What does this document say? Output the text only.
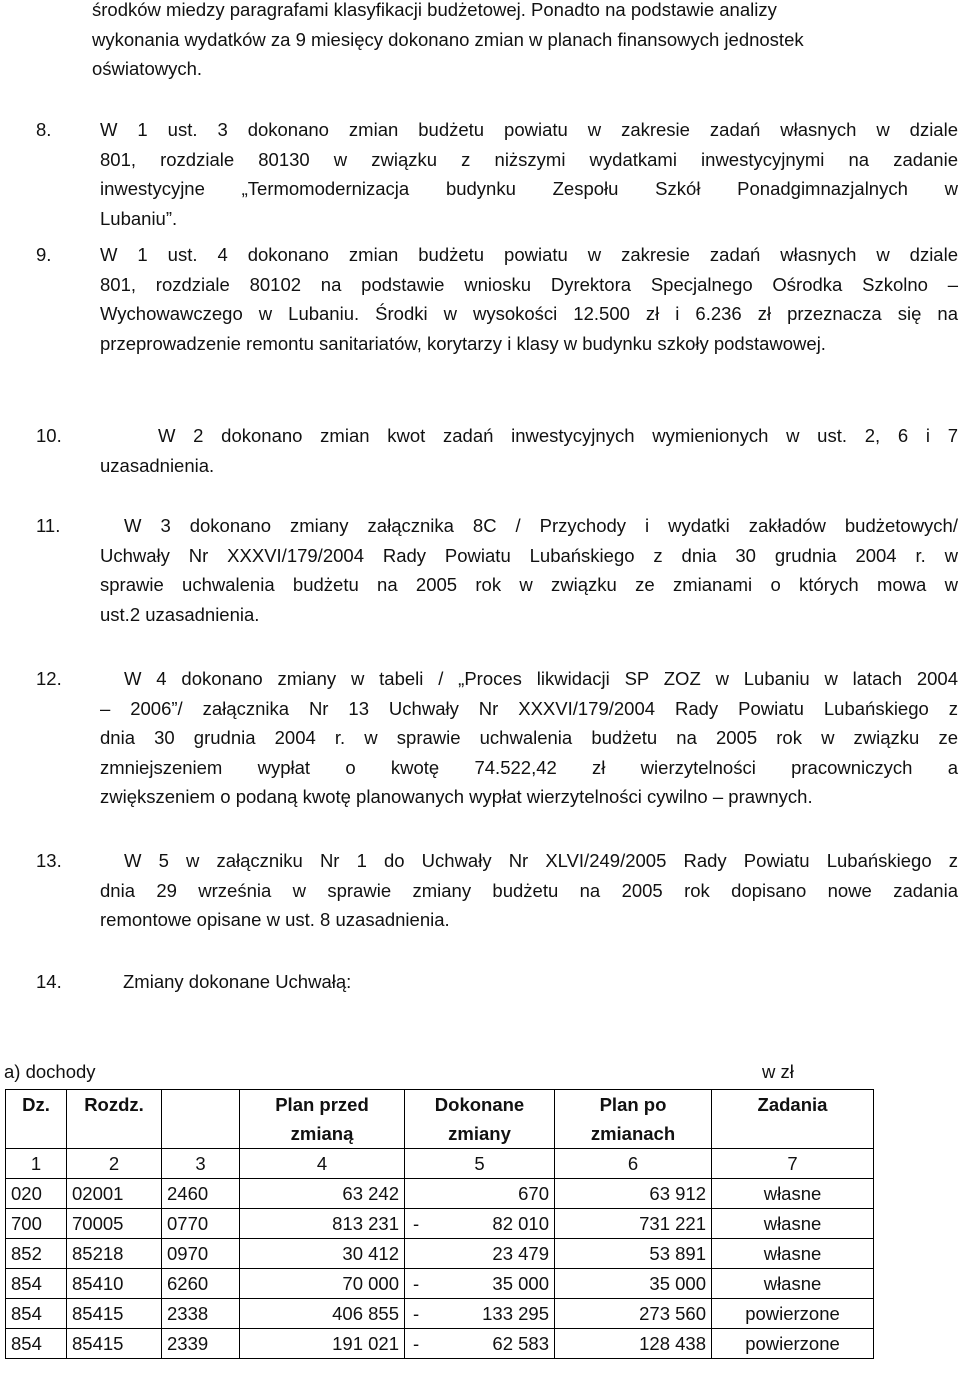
środków miedzy paragrafami klasyfikacji budżetowej. Ponadto na podstawie analizy
wykonania wydatków za 9 miesięcy dokonano zmian w planach finansowych jednostek
oświatowych.
8.	W 1 ust. 3 dokonano zmian budżetu powiatu w zakresie zadań własnych w dziale
801, rozdziale 80130 w związku z niższymi wydatkami inwestycyjnymi na zadanie
inwestycyjne „Termomodernizacja budynku Zespołu Szkół Ponadgimnazjalnych w
Lubaniu”.
9.	W 1 ust. 4 dokonano zmian budżetu powiatu w zakresie zadań własnych w dziale
801, rozdziale 80102 na podstawie wniosku Dyrektora Specjalnego Ośrodka Szkolno –
Wychowawczego w Lubaniu. Środki w wysokości 12.500 zł i 6.236 zł przeznacza się na
przeprowadzenie remontu sanitariatów, korytarzy i klasy w budynku szkoły podstawowej.
10.	W 2 dokonano zmian kwot zadań inwestycyjnych wymienionych w ust. 2, 6 i 7
uzasadnienia.
11.	W 3 dokonano zmiany załącznika 8C / Przychody i wydatki zakładów budżetowych/
Uchwały Nr XXXVI/179/2004 Rady Powiatu Lubańskiego z dnia 30 grudnia 2004 r. w
sprawie uchwalenia budżetu na 2005 rok w związku ze zmianami o których mowa w
ust.2 uzasadnienia.
12.	W 4 dokonano zmiany w tabeli / „Proces likwidacji SP ZOZ w Lubaniu w latach 2004
– 2006”/ załącznika Nr 13 Uchwały Nr XXXVI/179/2004 Rady Powiatu Lubańskiego z
dnia 30 grudnia 2004 r. w sprawie uchwalenia budżetu na 2005 rok w związku ze
zmniejszeniem wypłat o kwotę 74.522,42 zł wierzytelności pracowniczych a
zwiększeniem o podaną kwotę planowanych wypłat wierzytelności cywilno – prawnych.
13.	W 5 w załączniku Nr 1 do Uchwały Nr XLVI/249/2005 Rady Powiatu Lubańskiego z
dnia 29 września w sprawie zmiany budżetu na 2005 rok dopisano nowe zadania
remontowe opisane w ust. 8 uzasadnienia.
14.	Zmiany dokonane Uchwałą:
a) dochody	w zł
Dz.	Rozdz.		Plan przed	Dokonane	Plan po	Zadania
			zmianą	zmiany	zmianach	
1	2	3	4	5	6	7
020	02001	2460	63 242	670	63 912	własne
700	70005	0770	813 231	- 82 010	731 221	własne
852	85218	0970	30 412	23 479	53 891	własne
854	85410	6260	70 000	- 35 000	35 000	własne
854	85415	2338	406 855	- 133 295	273 560	powierzone
854	85415	2339	191 021	- 62 583	128 438	powierzone
